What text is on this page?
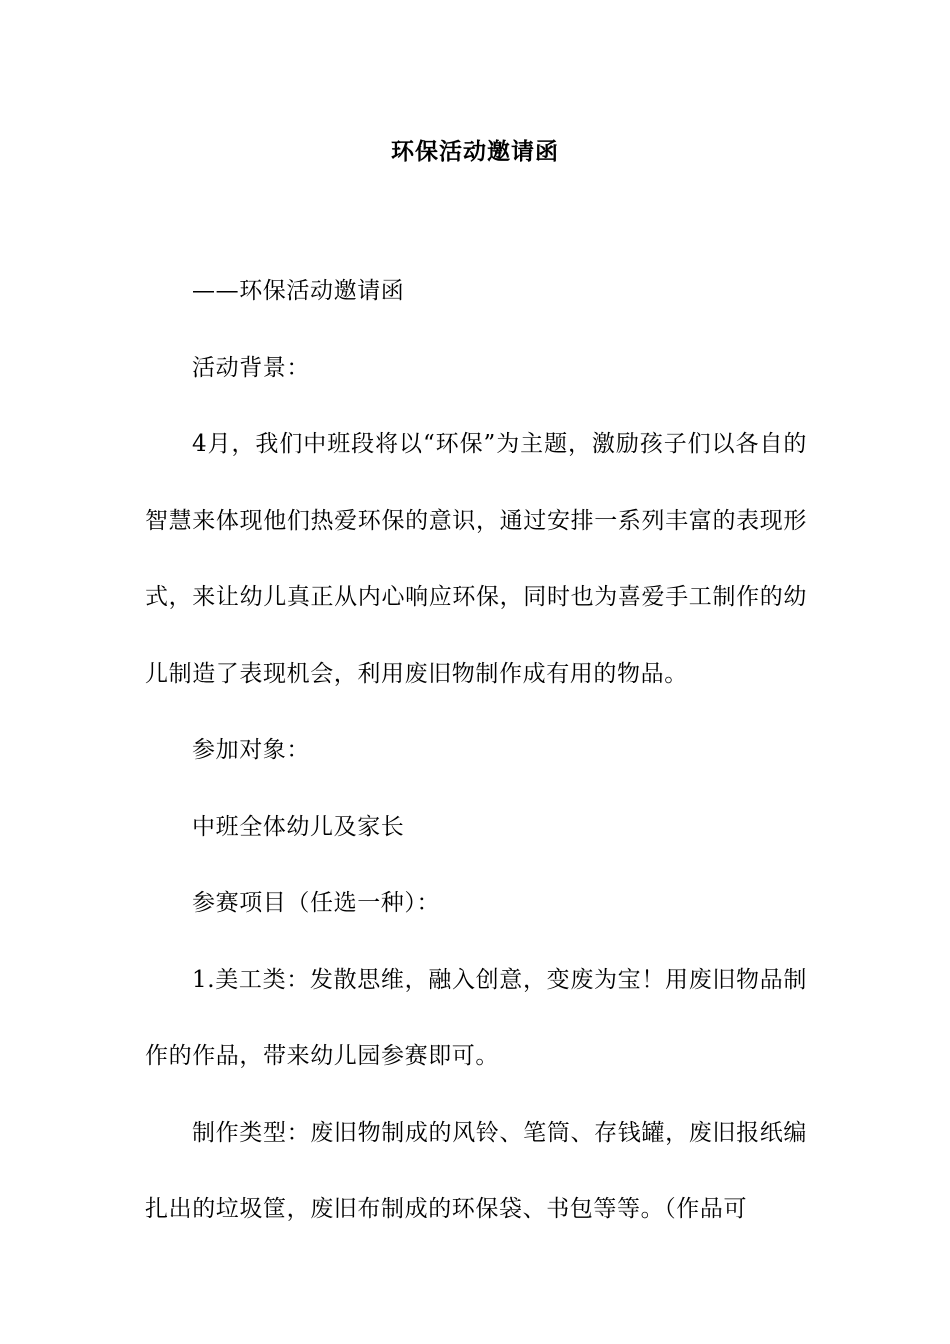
环保活动邀请函

——环保活动邀请函

活动背景：

4月，我们中班段将以“环保”为主题，激励孩子们以各自的智慧来体现他们热爱环保的意识，通过安排一系列丰富的表现形式，来让幼儿真正从内心响应环保，同时也为喜爱手工制作的幼儿制造了表现机会，利用废旧物制作成有用的物品。

参加对象：

中班全体幼儿及家长

参赛项目（任选一种）：

1.美工类：发散思维，融入创意，变废为宝！用废旧物品制作的作品，带来幼儿园参赛即可。

制作类型：废旧物制成的风铃、笔筒、存钱罐，废旧报纸编扎出的垃圾筐，废旧布制成的环保袋、书包等等。（作品可
